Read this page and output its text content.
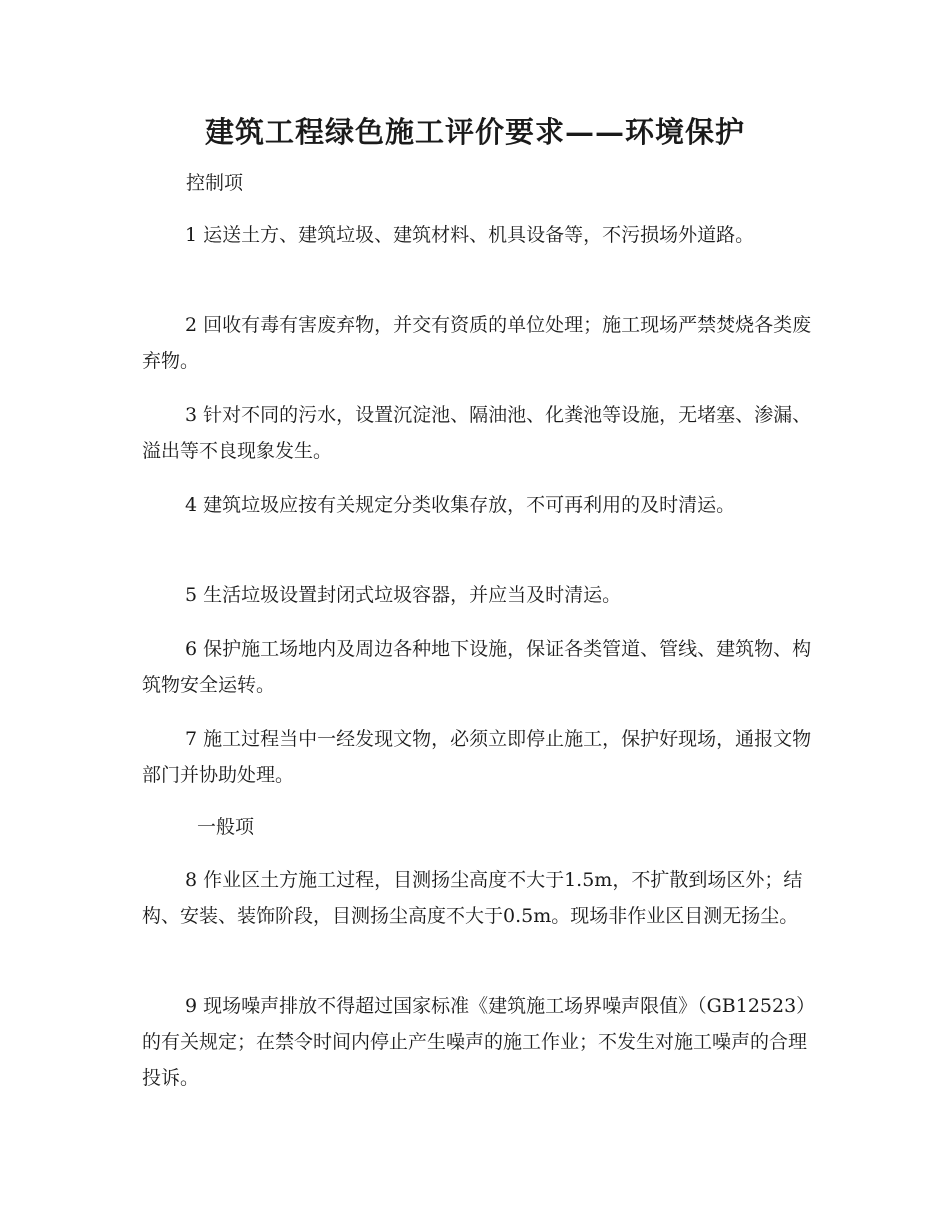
建筑工程绿色施工评价要求——环境保护
控制项
1 运送土方、建筑垃圾、建筑材料、机具设备等，不污损场外道路。
2 回收有毒有害废弃物，并交有资质的单位处理；施工现场严禁焚烧各类废弃物。
3 针对不同的污水，设置沉淀池、隔油池、化粪池等设施，无堵塞、渗漏、溢出等不良现象发生。
4 建筑垃圾应按有关规定分类收集存放，不可再利用的及时清运。
5 生活垃圾设置封闭式垃圾容器，并应当及时清运。
6 保护施工场地内及周边各种地下设施，保证各类管道、管线、建筑物、构筑物安全运转。
7 施工过程当中一经发现文物，必须立即停止施工，保护好现场，通报文物部门并协助处理。
一般项
8 作业区土方施工过程，目测扬尘高度不大于1.5m，不扩散到场区外；结构、安装、装饰阶段，目测扬尘高度不大于0.5m。现场非作业区目测无扬尘。
9 现场噪声排放不得超过国家标准《建筑施工场界噪声限值》（GB12523）的有关规定；在禁令时间内停止产生噪声的施工作业；不发生对施工噪声的合理投诉。
